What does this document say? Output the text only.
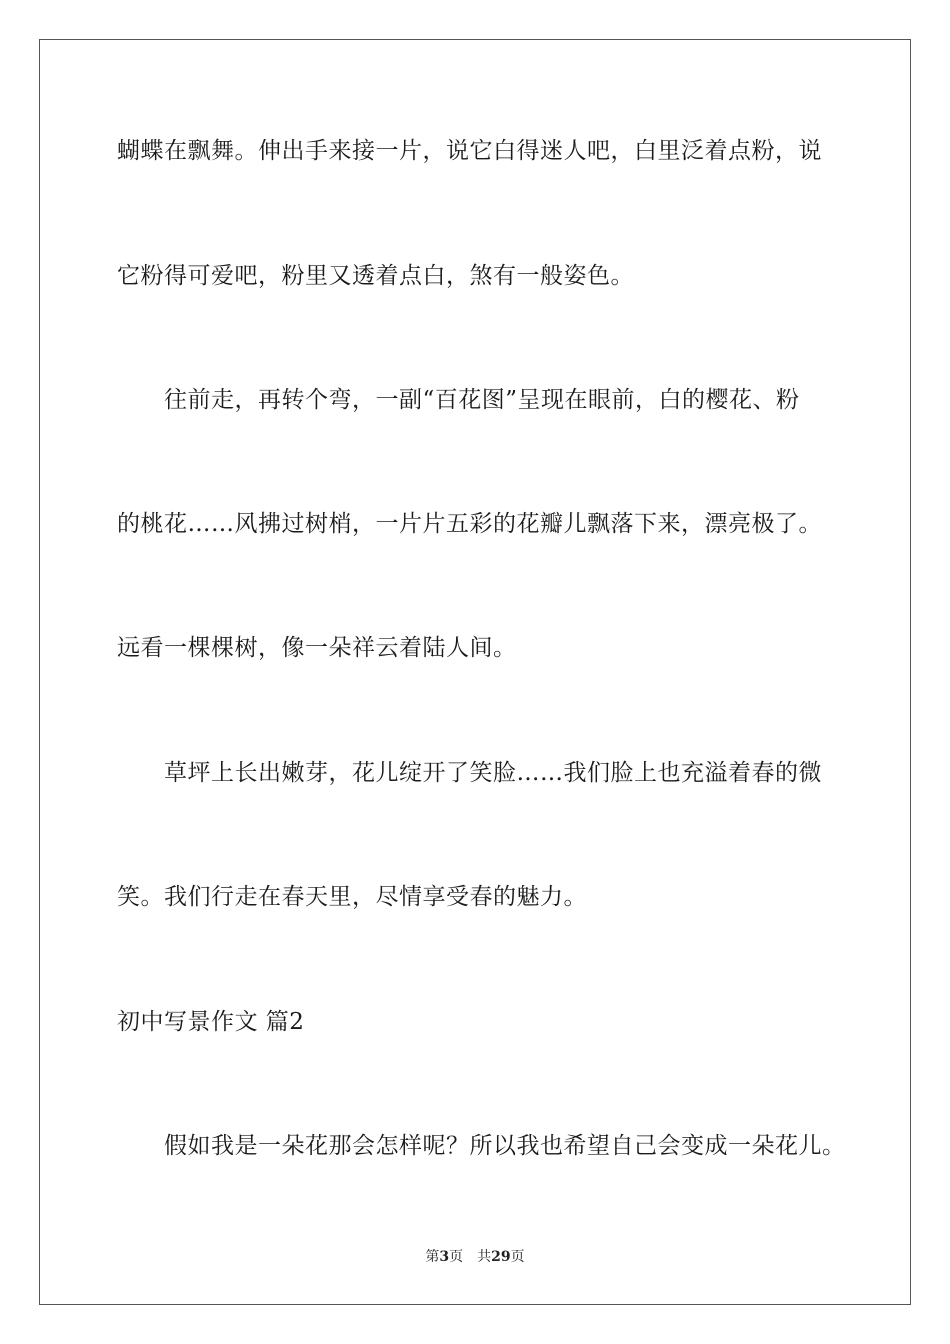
蝴蝶在飘舞。伸出手来接一片，说它白得迷人吧，白里泛着点粉，说
它粉得可爱吧，粉里又透着点白，煞有一般姿色。
往前走，再转个弯，一副“百花图”呈现在眼前，白的樱花、粉
的桃花……风拂过树梢，一片片五彩的花瓣儿飘落下来，漂亮极了。
远看一棵棵树，像一朵祥云着陆人间。
草坪上长出嫩芽，花儿绽开了笑脸……我们脸上也充溢着春的微
笑。我们行走在春天里，尽情享受春的魅力。
初中写景作文 篇2
假如我是一朵花那会怎样呢？所以我也希望自己会变成一朵花儿。
第3页 共29页
